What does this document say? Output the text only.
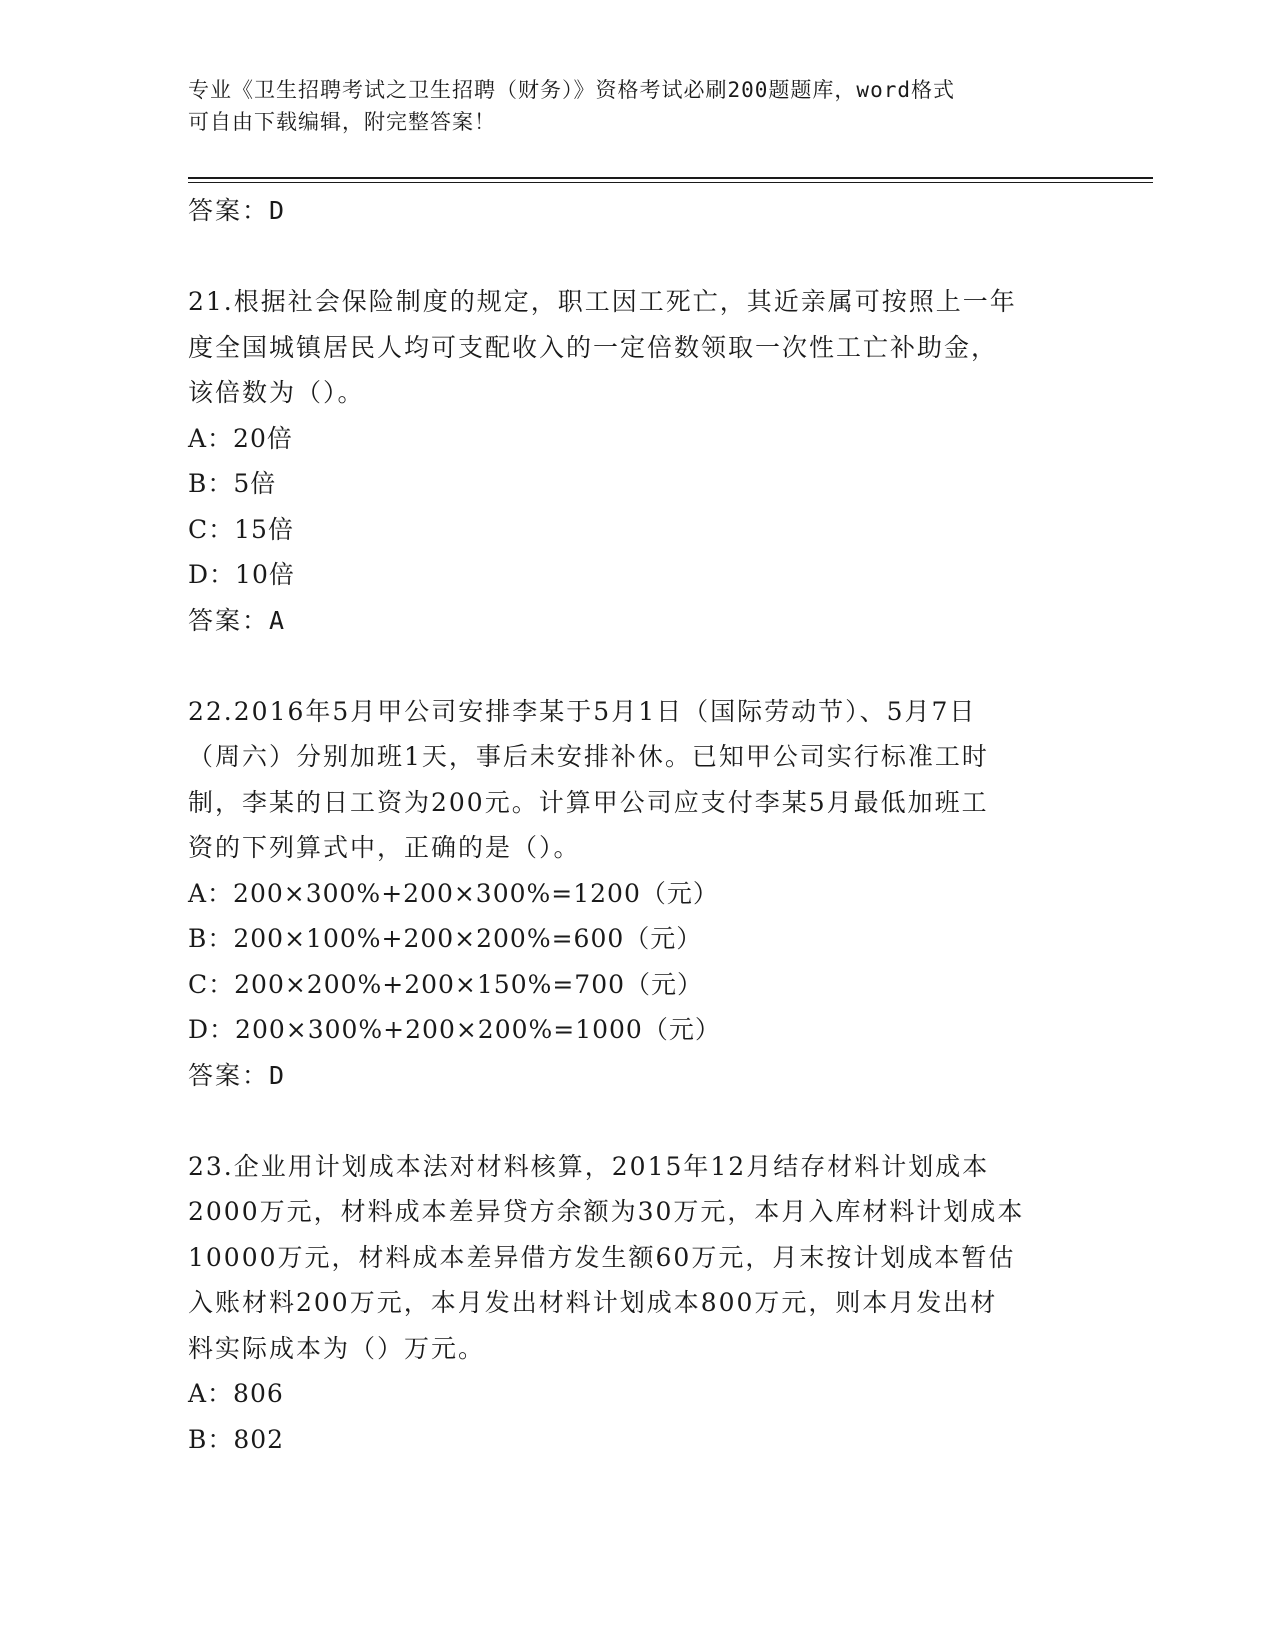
专业《卫生招聘考试之卫生招聘（财务）》资格考试必刷200题题库，word格式
可自由下载编辑，附完整答案！
答案：D
21.根据社会保险制度的规定，职工因工死亡，其近亲属可按照上一年
度全国城镇居民人均可支配收入的一定倍数领取一次性工亡补助金，
该倍数为（）。
A：20倍
B：5倍
C：15倍
D：10倍
答案：A
22.2016年5月甲公司安排李某于5月1日（国际劳动节）、5月7日
（周六）分别加班1天，事后未安排补休。已知甲公司实行标准工时
制，李某的日工资为200元。计算甲公司应支付李某5月最低加班工
资的下列算式中，正确的是（）。
A：200×300%+200×300%=1200（元）
B：200×100%+200×200%=600（元）
C：200×200%+200×150%=700（元）
D：200×300%+200×200%=1000（元）
答案：D
23.企业用计划成本法对材料核算，2015年12月结存材料计划成本
2000万元，材料成本差异贷方余额为30万元，本月入库材料计划成本
10000万元，材料成本差异借方发生额60万元，月末按计划成本暂估
入账材料200万元，本月发出材料计划成本800万元，则本月发出材
料实际成本为（）万元。
A：806
B：802
